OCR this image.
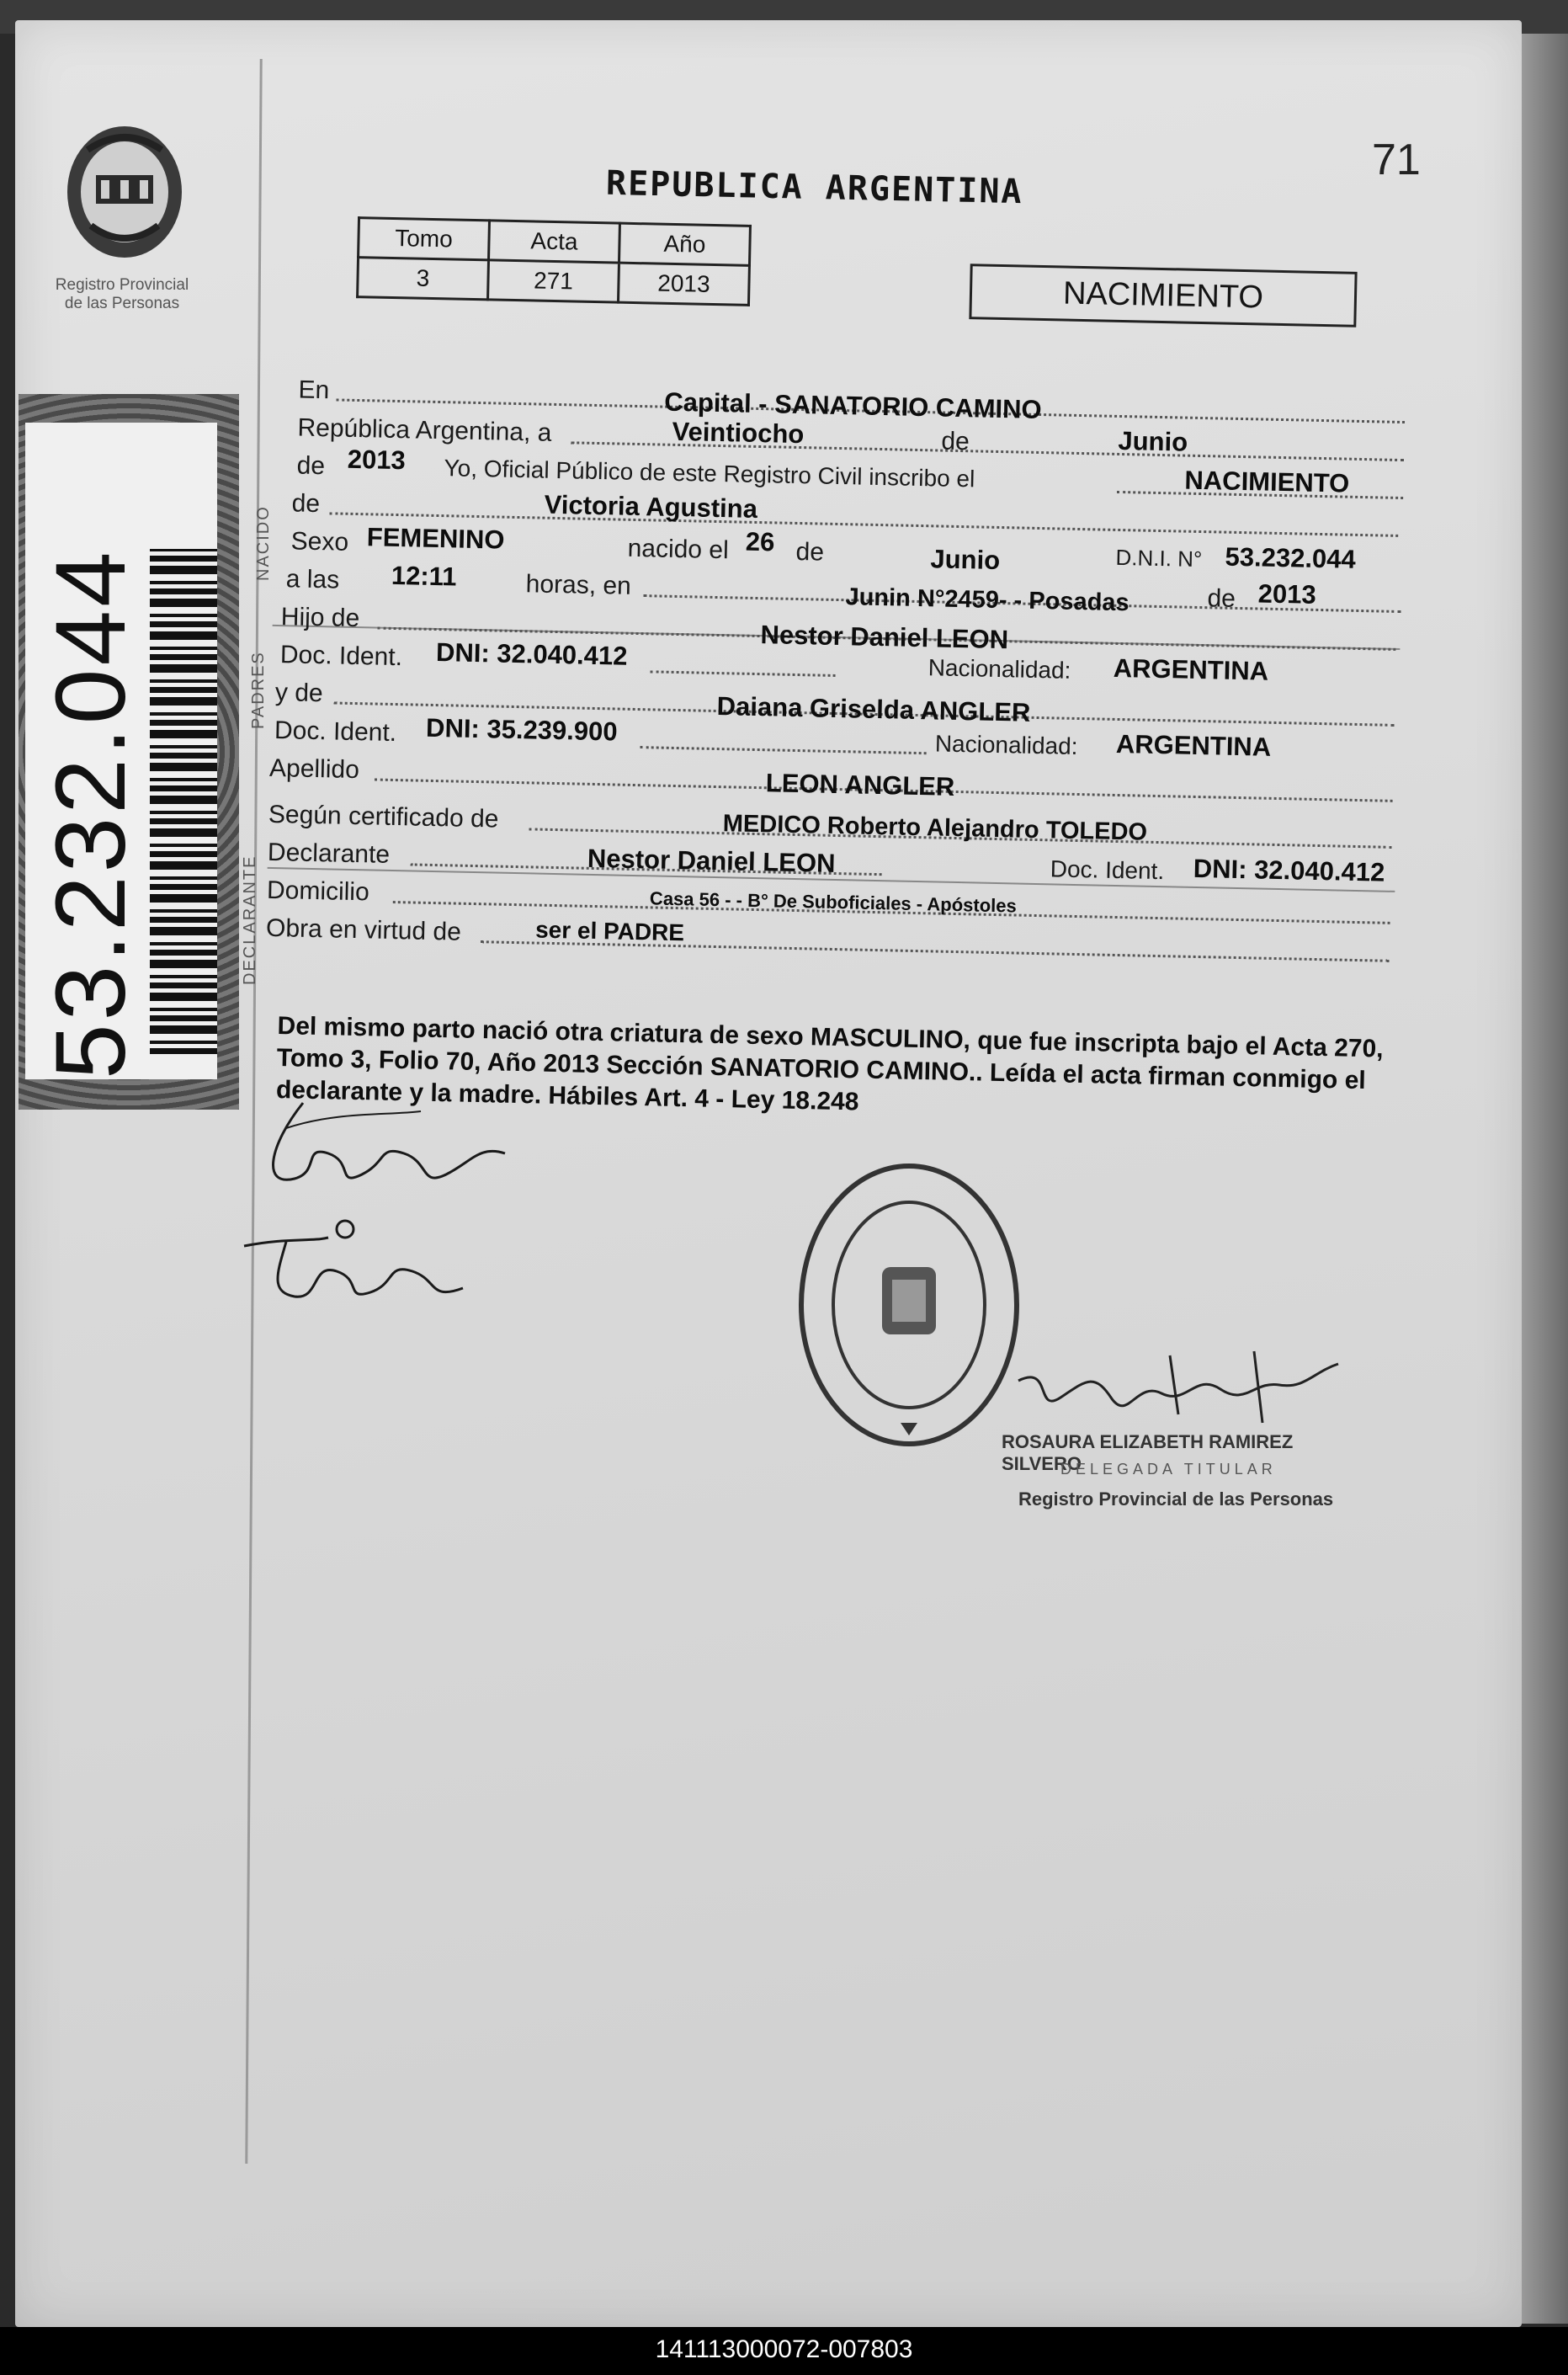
Registro Provincial
de las Personas
53.232.044
NACIDO
PADRES
DECLARANTE
71
REPUBLICA ARGENTINA
Tomo	Acta	Año
3	271	2013	NACIMIENTO
En	Capital - SANATORIO CAMINO
República Argentina, a	Veintiocho	de	Junio
de 2013 Yo, Oficial Público de este Registro Civil inscribo el	NACIMIENTO
de	Victoria Agustina
Sexo FEMENINO	nacido el 26 de	Junio	D.N.I. N° 53.232.044
a las 12:11	horas, en	Junin N°2459- - Posadas	de 2013
Hijo de
Nestor Daniel LEON
Doc. Ident. DNI: 32.040.412	Nacionalidad: ARGENTINA
y de	Daiana Griselda ANGLER
Doc. Ident. DNI: 35.239.900	Nacionalidad: ARGENTINA
Apellido	LEON ANGLER
Según certificado de	MEDICO Roberto Alejandro TOLEDO
Declarante	Nestor Daniel LEON
Domicilio	Casa 56 - - B° De Suboficiales - Apóstoles
Doc. Ident. DNI: 32.040.412
Obra en virtud de	ser el PADRE
Del mismo parto nació otra criatura de sexo MASCULINO, que fue inscripta bajo el Acta 270, Tomo 3, Folio 70, Año 2013 Sección SANATORIO CAMINO.. Leída el acta firman conmigo el declarante y la madre. Hábiles Art. 4 - Ley 18.248
ROSAURA ELIZABETH RAMIREZ SILVERO
DELEGADA TITULAR
Registro Provincial de las Personas
141113000072-007803
